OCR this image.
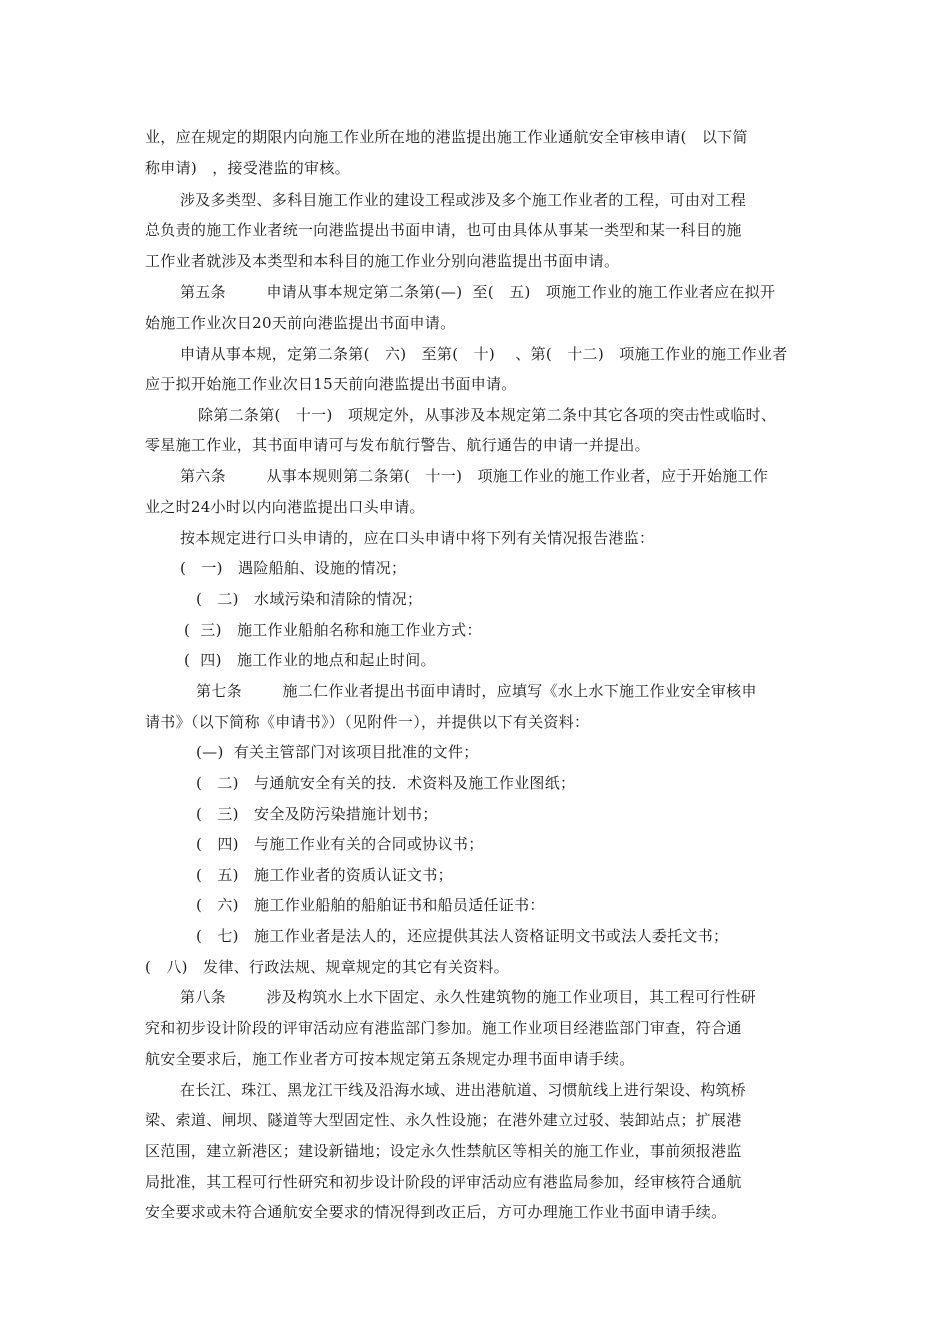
业，应在规定的期限内向施工作业所在地的港监提出施工作业通航安全审核申请(   以下简
称申请)   ，接受港监的审核。
涉及多类型、多科目施工作业的建设工程或涉及多个施工作业者的工程，可由对工程
总负责的施工作业者统一向港监提出书面申请，也可由具体从事某一类型和某一科目的施
工作业者就涉及本类型和本科目的施工作业分别向港监提出书面申请。
第五条        申请从事本规定第二条第(—)  至(   五)   项施工作业的施工作业者应在拟开
始施工作业次日20天前向港监提出书面申请。
申请从事本规，定第二条第(   六)   至第(   十)    、第(   十二)   项施工作业的施工作业者
应于拟开始施工作业次日15天前向港监提出书面申请。
除第二条第(   十一)   项规定外，从事涉及本规定第二条中其它各项的突击性或临时、
零星施工作业，其书面申请可与发布航行警告、航行通告的申请一并提出。
第六条        从事本规则第二条第(   十一)   项施工作业的施工作业者，应于开始施工作
业之时24小时以内向港监提出口头申请。
按本规定进行口头申请的，应在口头申请中将下列有关情况报告港监：
(   一)   遇险船舶、设施的情况；
(   二)   水域污染和清除的情况；
(  三)   施工作业船舶名称和施工作业方式：
(  四)   施工作业的地点和起止时间。
第七条        施二仁作业者提出书面申请时，应填写《水上水下施工作业安全审核申
请书》（以下简称《申请书》）（见附件一），并提供以下有关资料：
(—)  有关主管部门对该项目批准的文件；
(   二)   与通航安全有关的技．术资料及施工作业图纸；
(   三)   安全及防污染措施计划书；
(   四)   与施工作业有关的合同或协议书；
(   五)   施工作业者的资质认证文书；
(   六)   施工作业船舶的船舶证书和船员适任证书：
(   七)   施工作业者是法人的，还应提供其法人资格证明文书或法人委托文书；
(   八)   发律、行政法规、规章规定的其它有关资料。
第八条        涉及构筑水上水下固定、永久性建筑物的施工作业项目，其工程可行性研
究和初步设计阶段的评审活动应有港监部门参加。施工作业项目经港监部门审查，符合通
航安全要求后，施工作业者方可按本规定第五条规定办理书面申请手续。
在长江、珠江、黑龙江干线及沿海水域、进出港航道、习惯航线上进行架设、构筑桥
梁、索道、闸坝、隧道等大型固定性、永久性设施；在港外建立过驳、装卸站点；扩展港
区范围，建立新港区；建设新锚地；设定永久性禁航区等相关的施工作业，事前须报港监
局批准，其工程可行性研究和初步设计阶段的评审活动应有港监局参加，经审核符合通航
安全要求或未符合通航安全要求的情况得到改正后，方可办理施工作业书面申请手续。
